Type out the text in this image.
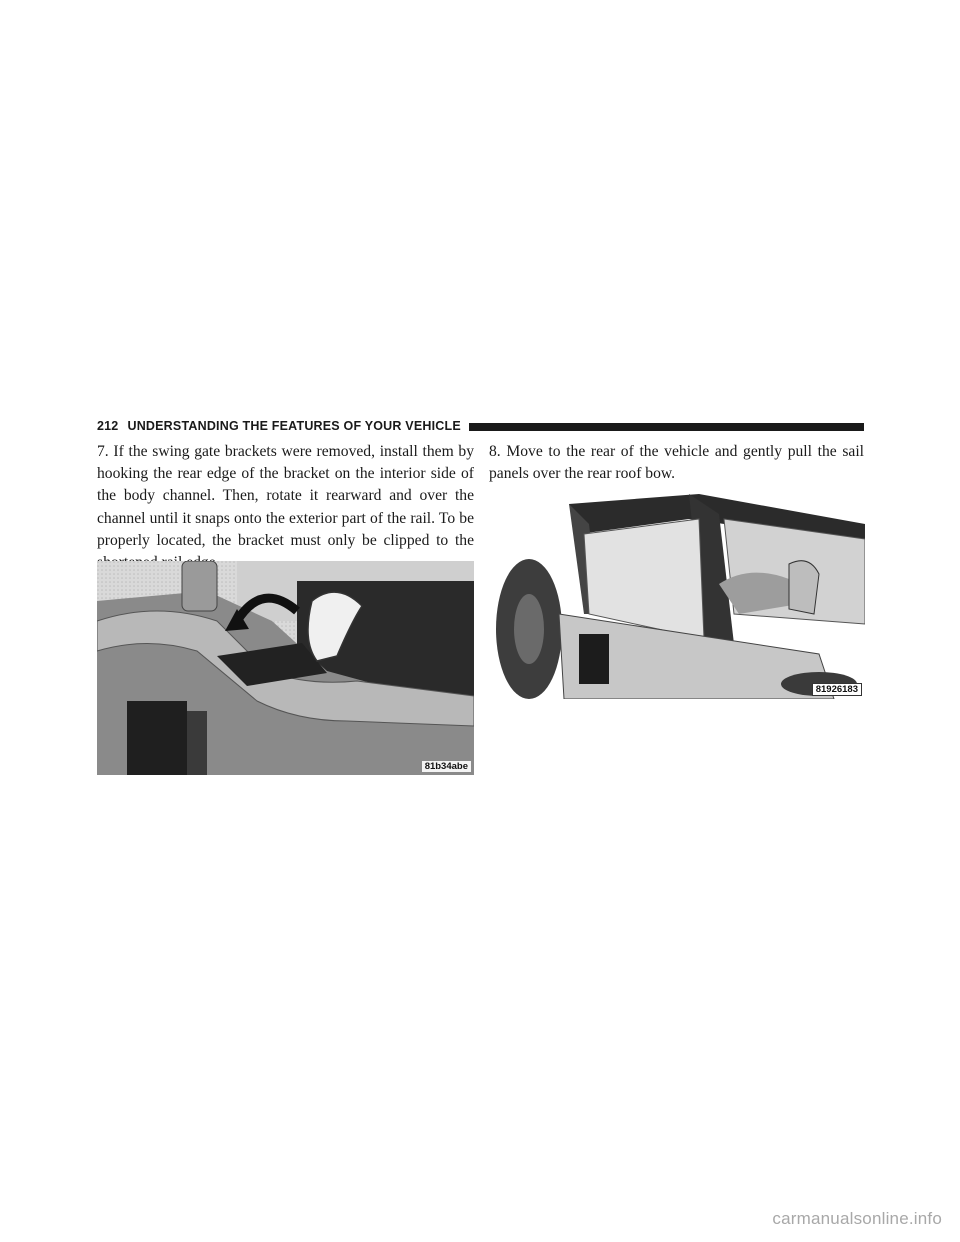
212 UNDERSTANDING THE FEATURES OF YOUR VEHICLE

7. If the swing gate brackets were removed, install them by hooking the rear edge of the bracket on the interior side of the body channel. Then, rotate it rearward and over the channel until it snaps onto the exterior part of the rail. To be properly located, the bracket must only be clipped to the

81b34abe

8. Move to the rear of the vehicle and gently pull the sail panels over the rear roof bow.

81926183
carmanualsonline.info
